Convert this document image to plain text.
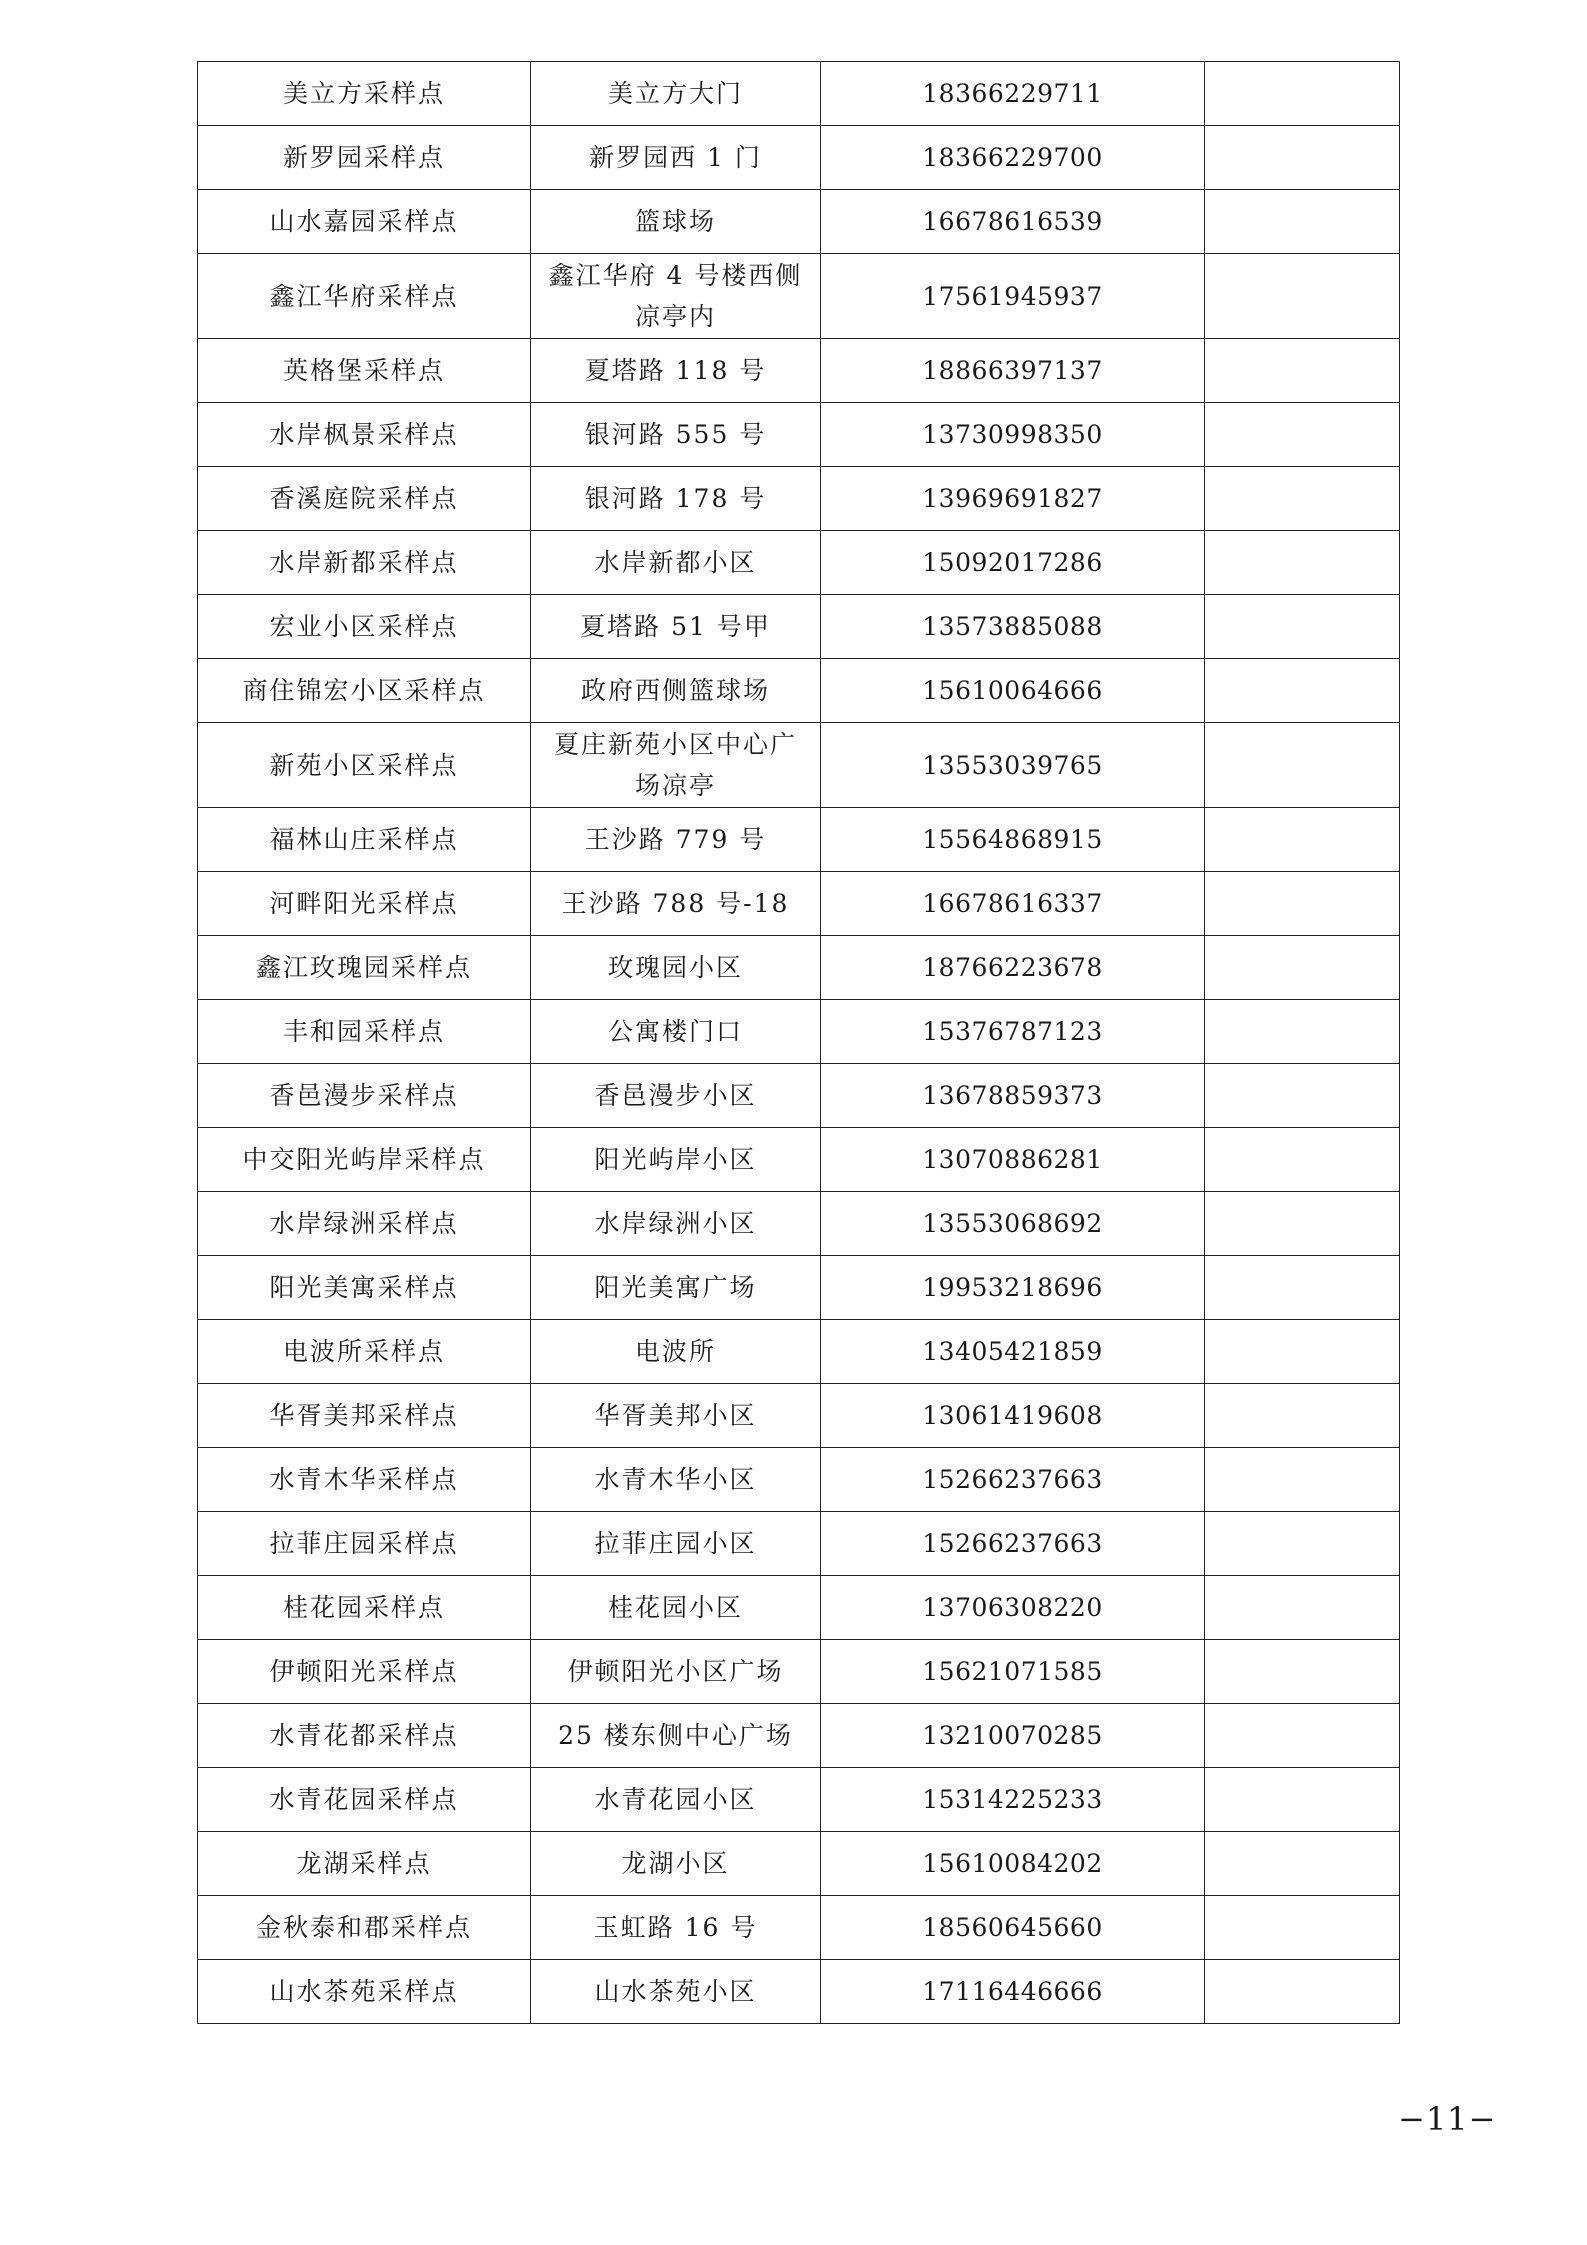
美立方采样点	美立方大门	18366229711	
新罗园采样点	新罗园西 1 门	18366229700	
山水嘉园采样点	篮球场	16678616539	
鑫江华府采样点	鑫江华府 4 号楼西侧凉亭内	17561945937	
英格堡采样点	夏塔路 118 号	18866397137	
水岸枫景采样点	银河路 555 号	13730998350	
香溪庭院采样点	银河路 178 号	13969691827	
水岸新都采样点	水岸新都小区	15092017286	
宏业小区采样点	夏塔路 51 号甲	13573885088	
商住锦宏小区采样点	政府西侧篮球场	15610064666	
新苑小区采样点	夏庄新苑小区中心广场凉亭	13553039765	
福林山庄采样点	王沙路 779 号	15564868915	
河畔阳光采样点	王沙路 788 号-18	16678616337	
鑫江玫瑰园采样点	玫瑰园小区	18766223678	
丰和园采样点	公寓楼门口	15376787123	
香邑漫步采样点	香邑漫步小区	13678859373	
中交阳光屿岸采样点	阳光屿岸小区	13070886281	
水岸绿洲采样点	水岸绿洲小区	13553068692	
阳光美寓采样点	阳光美寓广场	19953218696	
电波所采样点	电波所	13405421859	
华胥美邦采样点	华胥美邦小区	13061419608	
水青木华采样点	水青木华小区	15266237663	
拉菲庄园采样点	拉菲庄园小区	15266237663	
桂花园采样点	桂花园小区	13706308220	
伊顿阳光采样点	伊顿阳光小区广场	15621071585	
水青花都采样点	25 楼东侧中心广场	13210070285	
水青花园采样点	水青花园小区	15314225233	
龙湖采样点	龙湖小区	15610084202	
金秋泰和郡采样点	玉虹路 16 号	18560645660	
山水茶苑采样点	山水茶苑小区	17116446666	
−11−
